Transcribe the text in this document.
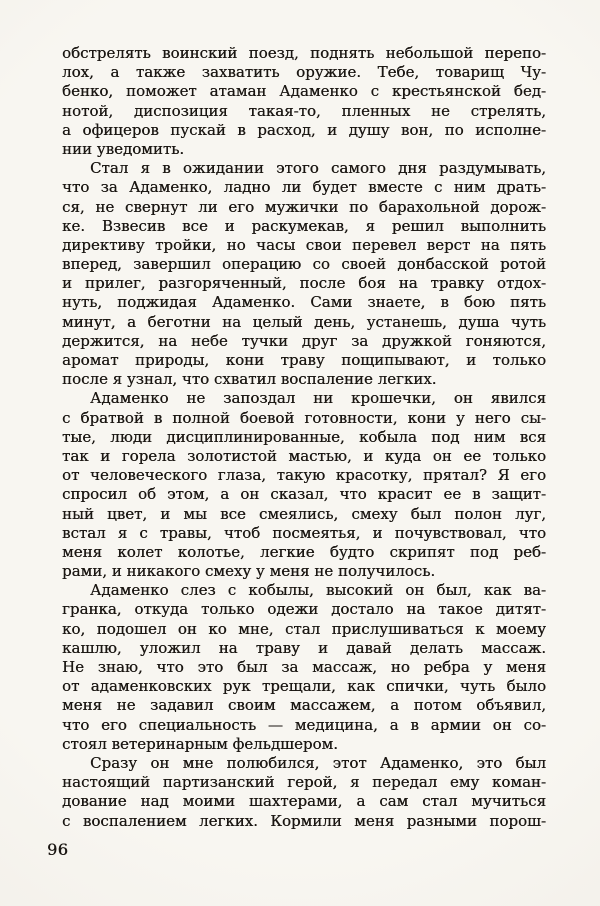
обстрелять воинский поезд, поднять небольшой перепо-
лох, а также захватить оружие. Тебе, товарищ Чу-
бенко, поможет атаман Адаменко с крестьянской бед-
нотой, диспозиция такая-то, пленных не стрелять,
а офицеров пускай в расход, и душу вон, по исполне-
нии уведомить.

Стал я в ожидании этого самого дня раздумывать,
что за Адаменко, ладно ли будет вместе с ним драть-
ся, не свернут ли его мужички по барахольной дорож-
ке. Взвесив все и раскумекав, я решил выполнить
директиву тройки, но часы свои перевел верст на пять
вперед, завершил операцию со своей донбасской ротой
и прилег, разгоряченный, после боя на травку отдох-
нуть, поджидая Адаменко. Сами знаете, в бою пять
минут, а беготни на целый день, устанешь, душа чуть
держится, на небе тучки друг за дружкой гоняются,
аромат природы, кони траву пощипывают, и только
после я узнал, что схватил воспаление легких.

Адаменко не запоздал ни крошечки, он явился
с братвой в полной боевой готовности, кони у него сы-
тые, люди дисциплинированные, кобыла под ним вся
так и горела золотистой мастью, и куда он ее только
от человеческого глаза, такую красотку, прятал? Я его
спросил об этом, а он сказал, что красит ее в защит-
ный цвет, и мы все смеялись, смеху был полон луг,
встал я с травы, чтоб посмеятья, и почувствовал, что
меня колет колотье, легкие будто скрипят под реб-
рами, и никакого смеху у меня не получилось.

Адаменко слез с кобылы, высокий он был, как ва-
гранка, откуда только одежи достало на такое дитят-
ко, подошел он ко мне, стал прислушиваться к моему
кашлю, уложил на траву и давай делать массаж.
Не знаю, что это был за массаж, но ребра у меня
от адаменковских рук трещали, как спички, чуть было
меня не задавил своим массажем, а потом объявил,
что его специальность — медицина, а в армии он со-
стоял ветеринарным фельдшером.

Сразу он мне полюбился, этот Адаменко, это был
настоящий партизанский герой, я передал ему коман-
дование над моими шахтерами, а сам стал мучиться
с воспалением легких. Кормили меня разными порош-

96
